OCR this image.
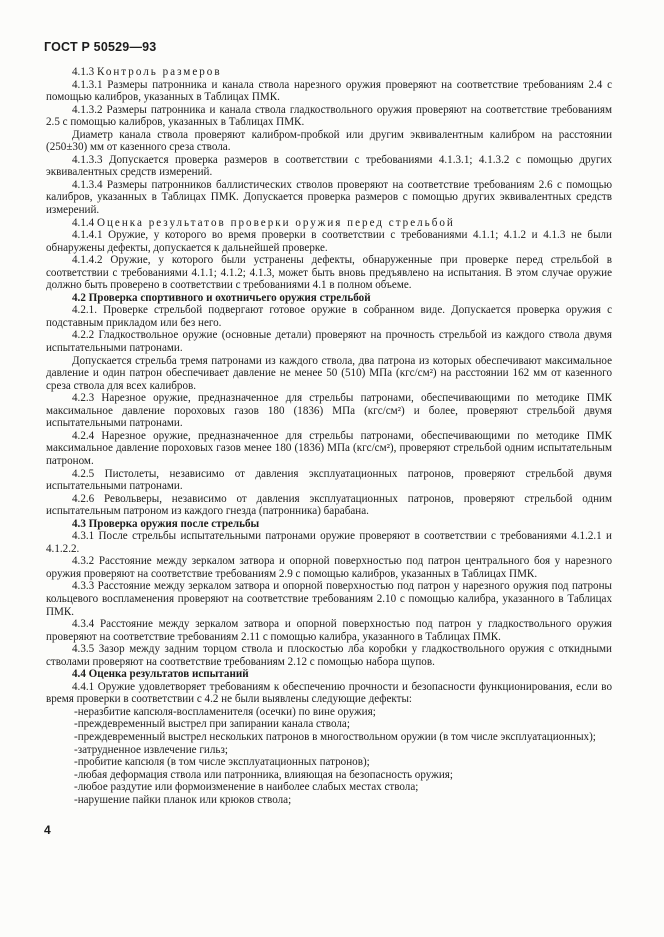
ГОСТ Р 50529—93

4.1.3 Контроль размеров

4.1.3.1 Размеры патронника и канала ствола нарезного оружия проверяют на соответствие требованиям 2.4 с помощью калибров, указанных в Таблицах ПМК.

4.1.3.2 Размеры патронника и канала ствола гладкоствольного оружия проверяют на соответствие требованиям 2.5 с помощью калибров, указанных в Таблицах ПМК.

Диаметр канала ствола проверяют калибром-пробкой или другим эквивалентным калибром на расстоянии (250±30) мм от казенного среза ствола.

4.1.3.3 Допускается проверка размеров в соответствии с требованиями 4.1.3.1; 4.1.3.2 с помощью других эквивалентных средств измерений.

4.1.3.4 Размеры патронников баллистических стволов проверяют на соответствие требованиям 2.6 с помощью калибров, указанных в Таблицах ПМК. Допускается проверка размеров с помощью других эквивалентных средств измерений.

4.1.4 Оценка результатов проверки оружия перед стрельбой

4.1.4.1 Оружие, у которого во время проверки в соответствии с требованиями 4.1.1; 4.1.2 и 4.1.3 не были обнаружены дефекты, допускается к дальнейшей проверке.

4.1.4.2 Оружие, у которого были устранены дефекты, обнаруженные при проверке перед стрельбой в соответствии с требованиями 4.1.1; 4.1.2; 4.1.3, может быть вновь предъявлено на испытания. В этом случае оружие должно быть проверено в соответствии с требованиями 4.1 в полном объеме.

4.2 Проверка спортивного и охотничьего оружия стрельбой

4.2.1. Проверке стрельбой подвергают готовое оружие в собранном виде. Допускается проверка оружия с подставным прикладом или без него.

4.2.2 Гладкоствольное оружие (основные детали) проверяют на прочность стрельбой из каждого ствола двумя испытательными патронами.

Допускается стрельба тремя патронами из каждого ствола, два патрона из которых обеспечивают максимальное давление и один патрон обеспечивает давление не менее 50 (510) МПа (кгс/см²) на расстоянии 162 мм от казенного среза ствола для всех калибров.

4.2.3 Нарезное оружие, предназначенное для стрельбы патронами, обеспечивающими по методике ПМК максимальное давление пороховых газов 180 (1836) МПа (кгс/см²) и более, проверяют стрельбой двумя испытательными патронами.

4.2.4 Нарезное оружие, предназначенное для стрельбы патронами, обеспечивающими по методике ПМК максимальное давление пороховых газов менее 180 (1836) МПа (кгс/см²), проверяют стрельбой одним испытательным патроном.

4.2.5 Пистолеты, независимо от давления эксплуатационных патронов, проверяют стрельбой двумя испытательными патронами.

4.2.6 Револьверы, независимо от давления эксплуатационных патронов, проверяют стрельбой одним испытательным патроном из каждого гнезда (патронника) барабана.

4.3 Проверка оружия после стрельбы

4.3.1 После стрельбы испытательными патронами оружие проверяют в соответствии с требованиями 4.1.2.1 и 4.1.2.2.

4.3.2 Расстояние между зеркалом затвора и опорной поверхностью под патрон центрального боя у нарезного оружия проверяют на соответствие требованиям 2.9 с помощью калибров, указанных в Таблицах ПМК.

4.3.3 Расстояние между зеркалом затвора и опорной поверхностью под патрон у нарезного оружия под патроны кольцевого воспламенения проверяют на соответствие требованиям 2.10 с помощью калибра, указанного в Таблицах ПМК.

4.3.4 Расстояние между зеркалом затвора и опорной поверхностью под патрон у гладкоствольного оружия проверяют на соответствие требованиям 2.11 с помощью калибра, указанного в Таблицах ПМК.

4.3.5 Зазор между задним торцом ствола и плоскостью лба коробки у гладкоствольного оружия с откидными стволами проверяют на соответствие требованиям 2.12 с помощью набора щупов.

4.4 Оценка результатов испытаний

4.4.1 Оружие удовлетворяет требованиям к обеспечению прочности и безопасности функционирования, если во время проверки в соответствии с 4.2 не были выявлены следующие дефекты:

-неразбитие капсюля-воспламенителя (осечки) по вине оружия;

-преждевременный выстрел при запирании канала ствола;

-преждевременный выстрел нескольких патронов в многоствольном оружии (в том числе эксплуатационных);

-затрудненное извлечение гильз;

-пробитие капсюля (в том числе эксплуатационных патронов);

-любая деформация ствола или патронника, влияющая на безопасность оружия;

-любое раздутие или формоизменение в наиболее слабых местах ствола;

-нарушение пайки планок или крюков ствола;

4
